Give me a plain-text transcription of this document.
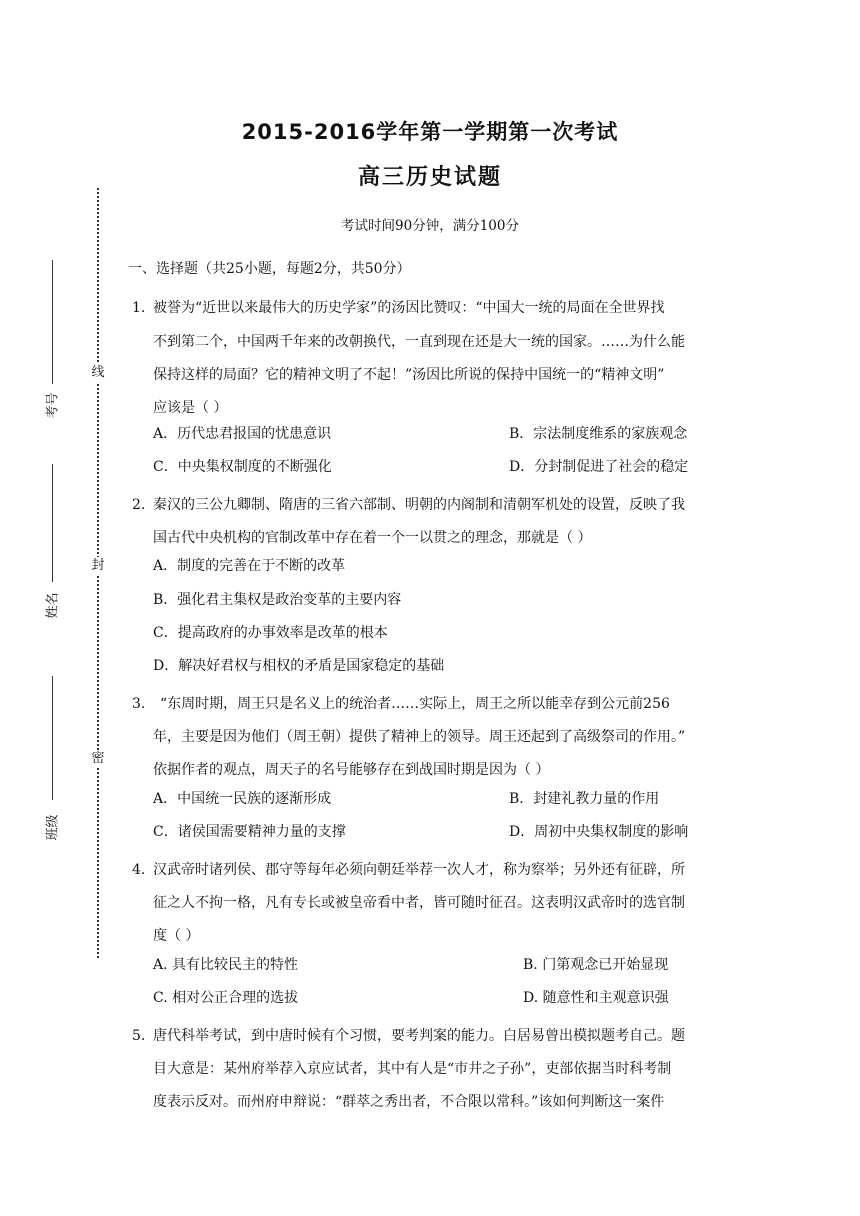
2015-2016学年第一学期第一次考试
高三历史试题
考试时间90分钟，满分100分
线
封
密
考号
姓名
班级
一、选择题（共25小题，每题2分，共50分）
1. 被誉为“近世以来最伟大的历史学家”的汤因比赞叹：“中国大一统的局面在全世界找
不到第二个，中国两千年来的改朝换代，一直到现在还是大一统的国家。……为什么能
保持这样的局面？它的精神文明了不起！”汤因比所说的保持中国统一的“精神文明”
应该是（ ）
A．历代忠君报国的忧患意识	B．宗法制度维系的家族观念
C．中央集权制度的不断强化	D．分封制促进了社会的稳定
2. 秦汉的三公九卿制、隋唐的三省六部制、明朝的内阁制和清朝军机处的设置，反映了我
国古代中央机构的官制改革中存在着一个一以贯之的理念，那就是（ ）
A．制度的完善在于不断的改革
B．强化君主集权是政治变革的主要内容
C．提高政府的办事效率是改革的根本
D．解决好君权与相权的矛盾是国家稳定的基础
3. “东周时期，周王只是名义上的统治者……实际上，周王之所以能幸存到公元前256
年，主要是因为他们（周王朝）提供了精神上的领导。周王还起到了高级祭司的作用。”
依据作者的观点，周天子的名号能够存在到战国时期是因为（ ）
A．中国统一民族的逐渐形成	B．封建礼教力量的作用
C．诸侯国需要精神力量的支撑	D．周初中央集权制度的影响
4. 汉武帝时诸列侯、郡守等每年必须向朝廷举荐一次人才，称为察举；另外还有征辟，所
征之人不拘一格，凡有专长或被皇帝看中者，皆可随时征召。这表明汉武帝时的选官制
度（ ）
A. 具有比较民主的特性	B. 门第观念已开始显现
C. 相对公正合理的选拔	D. 随意性和主观意识强
5. 唐代科举考试，到中唐时候有个习惯，要考判案的能力。白居易曾出模拟题考自己。题
目大意是：某州府举荐入京应试者，其中有人是“市井之子孙”，吏部依据当时科考制
度表示反对。而州府申辩说：“群萃之秀出者，不合限以常科。”该如何判断这一案件
